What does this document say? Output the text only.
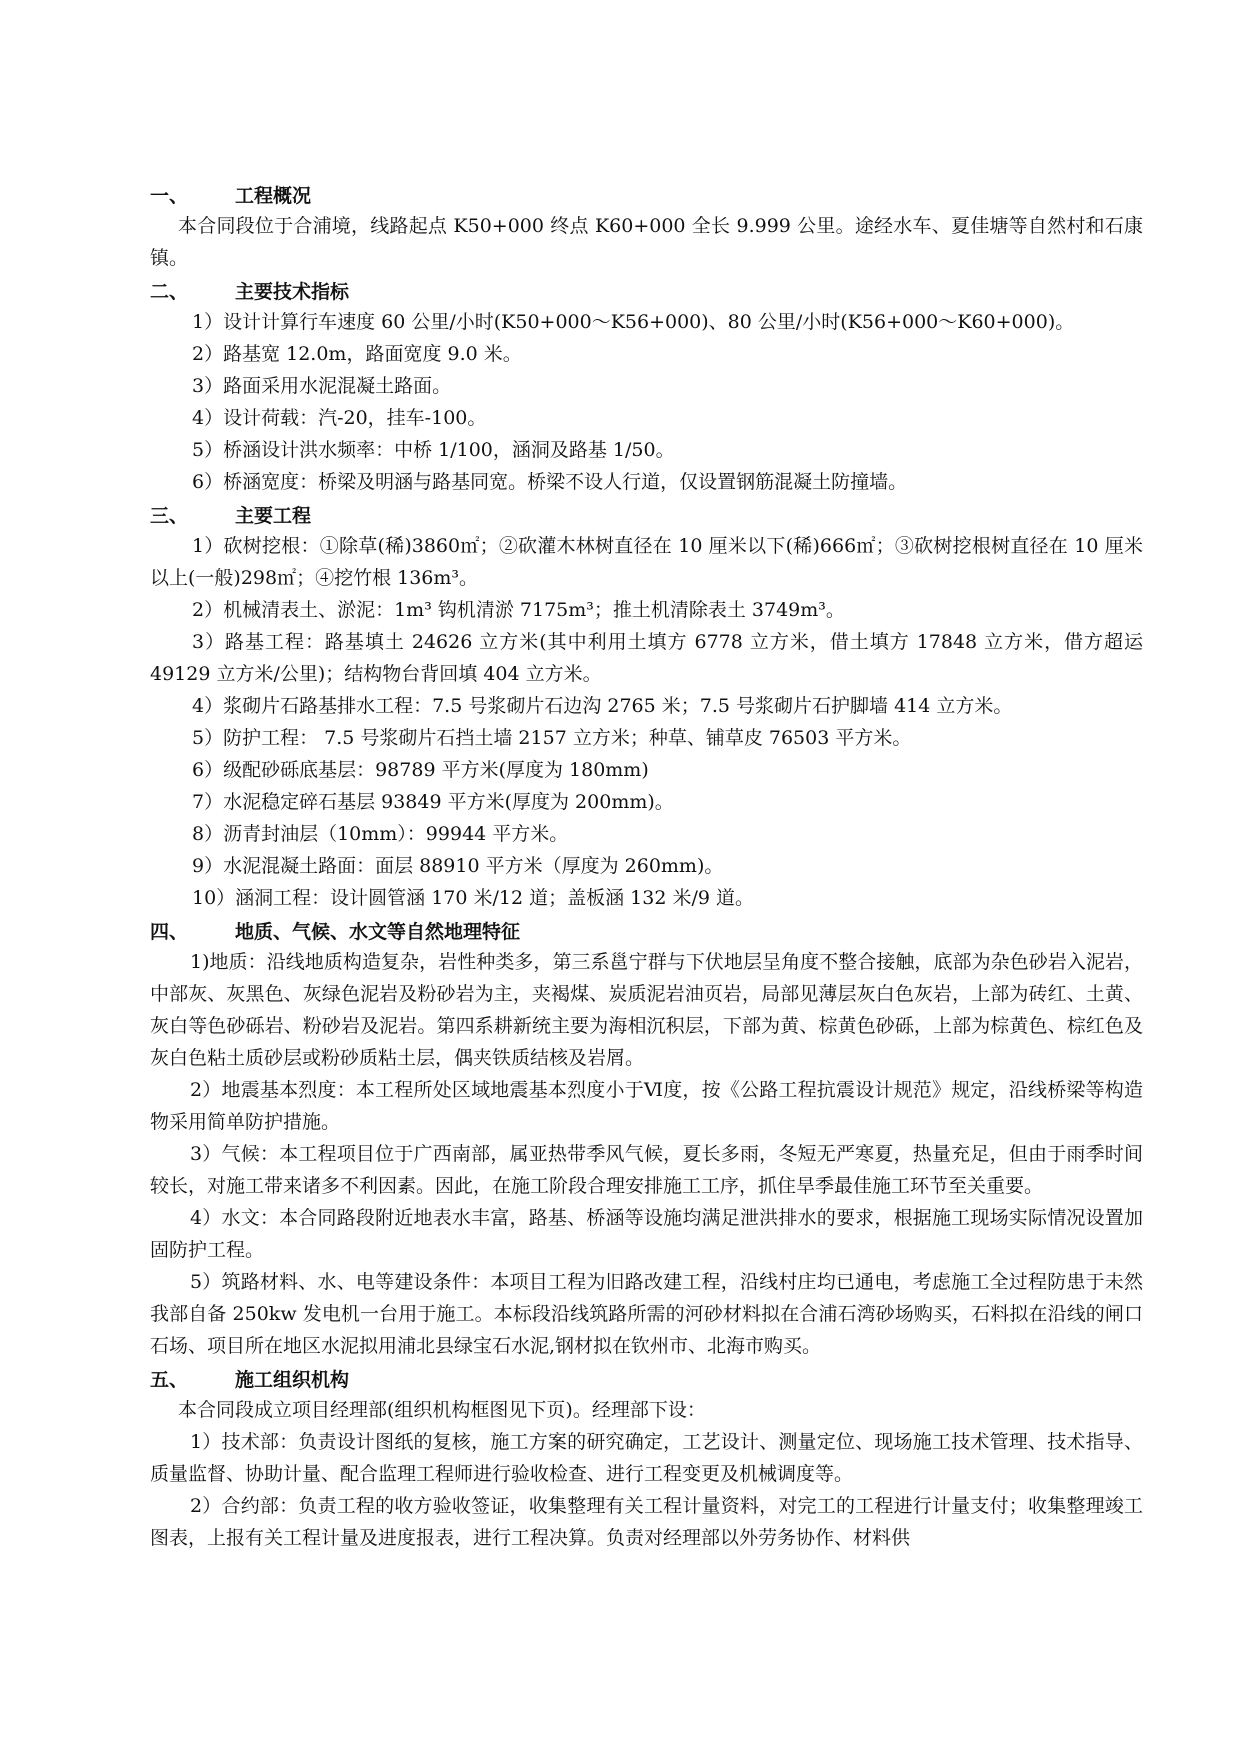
一、	工程概况

本合同段位于合浦境，线路起点 K50+000 终点 K60+000 全长 9.999 公里。途经水车、夏佳塘等自然村和石康镇。

二、	主要技术指标

1）设计计算行车速度 60 公里/小时(K50+000～K56+000)、80 公里/小时(K56+000～K60+000)。

2）路基宽 12.0m，路面宽度 9.0 米。

3）路面采用水泥混凝土路面。

4）设计荷载：汽-20，挂车-100。

5）桥涵设计洪水频率：中桥 1/100，涵洞及路基 1/50。

6）桥涵宽度：桥梁及明涵与路基同宽。桥梁不设人行道，仅设置钢筋混凝土防撞墙。

三、	主要工程

1）砍树挖根：①除草(稀)3860㎡；②砍灌木林树直径在 10 厘米以下(稀)666㎡；③砍树挖根树直径在 10 厘米以上(一般)298㎡；④挖竹根 136m³。

2）机械清表土、淤泥：1m³ 钩机清淤 7175m³；推土机清除表土 3749m³。

3）路基工程：路基填土 24626 立方米(其中利用土填方 6778 立方米，借土填方 17848 立方米，借方超运 49129 立方米/公里)；结构物台背回填 404 立方米。

4）浆砌片石路基排水工程：7.5 号浆砌片石边沟 2765 米；7.5 号浆砌片石护脚墙 414 立方米。

5）防护工程： 7.5 号浆砌片石挡土墙 2157 立方米；种草、铺草皮 76503 平方米。

6）级配砂砾底基层：98789 平方米(厚度为 180mm)

7）水泥稳定碎石基层 93849 平方米(厚度为 200mm)。

8）沥青封油层（10mm）：99944 平方米。

9）水泥混凝土路面：面层 88910 平方米（厚度为 260mm)。

10）涵洞工程：设计圆管涵 170 米/12 道；盖板涵 132 米/9 道。

四、	地质、气候、水文等自然地理特征

1)地质：沿线地质构造复杂，岩性种类多，第三系邕宁群与下伏地层呈角度不整合接触，底部为杂色砂岩入泥岩，中部灰、灰黑色、灰绿色泥岩及粉砂岩为主，夹褐煤、炭质泥岩油页岩，局部见薄层灰白色灰岩，上部为砖红、土黄、灰白等色砂砾岩、粉砂岩及泥岩。第四系耕新统主要为海相沉积层，下部为黄、棕黄色砂砾，上部为棕黄色、棕红色及灰白色粘土质砂层或粉砂质粘土层，偶夹铁质结核及岩屑。

2）地震基本烈度：本工程所处区域地震基本烈度小于Ⅵ度，按《公路工程抗震设计规范》规定，沿线桥梁等构造物采用简单防护措施。

3）气候：本工程项目位于广西南部，属亚热带季风气候，夏长多雨，冬短无严寒夏，热量充足，但由于雨季时间较长，对施工带来诸多不利因素。因此，在施工阶段合理安排施工工序，抓住旱季最佳施工环节至关重要。

4）水文：本合同路段附近地表水丰富，路基、桥涵等设施均满足泄洪排水的要求，根据施工现场实际情况设置加固防护工程。

5）筑路材料、水、电等建设条件：本项目工程为旧路改建工程，沿线村庄均已通电，考虑施工全过程防患于未然我部自备 250kw 发电机一台用于施工。本标段沿线筑路所需的河砂材料拟在合浦石湾砂场购买，石料拟在沿线的闸口石场、项目所在地区水泥拟用浦北县绿宝石水泥,钢材拟在钦州市、北海市购买。

五、	施工组织机构

本合同段成立项目经理部(组织机构框图见下页)。经理部下设：

1）技术部：负责设计图纸的复核，施工方案的研究确定，工艺设计、测量定位、现场施工技术管理、技术指导、质量监督、协助计量、配合监理工程师进行验收检查、进行工程变更及机械调度等。

2）合约部：负责工程的收方验收签证，收集整理有关工程计量资料，对完工的工程进行计量支付；收集整理竣工图表，上报有关工程计量及进度报表，进行工程决算。负责对经理部以外劳务协作、材料供
